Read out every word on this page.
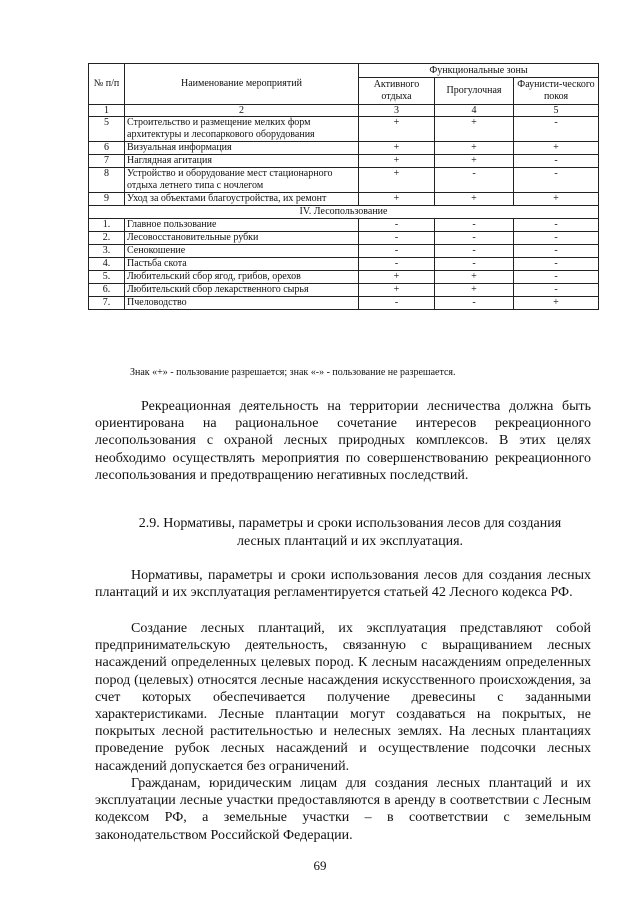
№ п/п	Наименование мероприятий	Функциональные зоны		
		Активного отдыха	Прогулочная	Фаунисти-ческого покоя
1	2	3	4	5
5	Строительство и размещение мелких форм архитектуры и лесопаркового оборудования	+	+	-
6	Визуальная информация	+	+	+
7	Наглядная агитация	+	+	-
8	Устройство и оборудование мест стационарного отдыха летнего типа с ночлегом	+	-	-
9	Уход за объектами благоустройства, их ремонт	+	+	+
IV. Лесопользование				
1.	Главное пользование	-	-	-
2.	Лесовосстановительные рубки	-	-	-
3.	Сенокошение	-	-	-
4.	Пастьба скота	-	-	-
5.	Любительский сбор ягод, грибов, орехов	+	+	-
6.	Любительский сбор лекарственного сырья	+	+	-
7.	Пчеловодство	-	-	+
Знак «+» - пользование разрешается; знак «-» - пользование не разрешается.

Рекреационная деятельность на территории лесничества должна быть ориентирована на рациональное сочетание интересов рекреационного лесопользования с охраной лесных природных комплексов. В этих целях необходимо осуществлять мероприятия по совершенствованию рекреационного лесопользования и предотвращению негативных последствий.

2.9. Нормативы, параметры и сроки использования лесов для создания
лесных плантаций и их эксплуатация.

Нормативы, параметры и сроки использования лесов для создания лесных плантаций и их эксплуатация регламентируется статьей 42 Лесного кодекса РФ.

Создание лесных плантаций, их эксплуатация представляют собой предпринимательскую деятельность, связанную с выращиванием лесных насаждений определенных целевых пород. К лесным насаждениям определенных пород (целевых) относятся лесные насаждения искусственного происхождения, за счет которых обеспечивается получение древесины с заданными характеристиками. Лесные плантации могут создаваться на покрытых, не покрытых лесной растительностью и нелесных землях. На лесных плантациях проведение рубок лесных насаждений и осуществление подсочки лесных насаждений допускается без ограничений.

Гражданам, юридическим лицам для создания лесных плантаций и их эксплуатации лесные участки предоставляются в аренду в соответствии с Лесным кодексом РФ, а земельные участки – в соответствии с земельным законодательством Российской Федерации.

69
